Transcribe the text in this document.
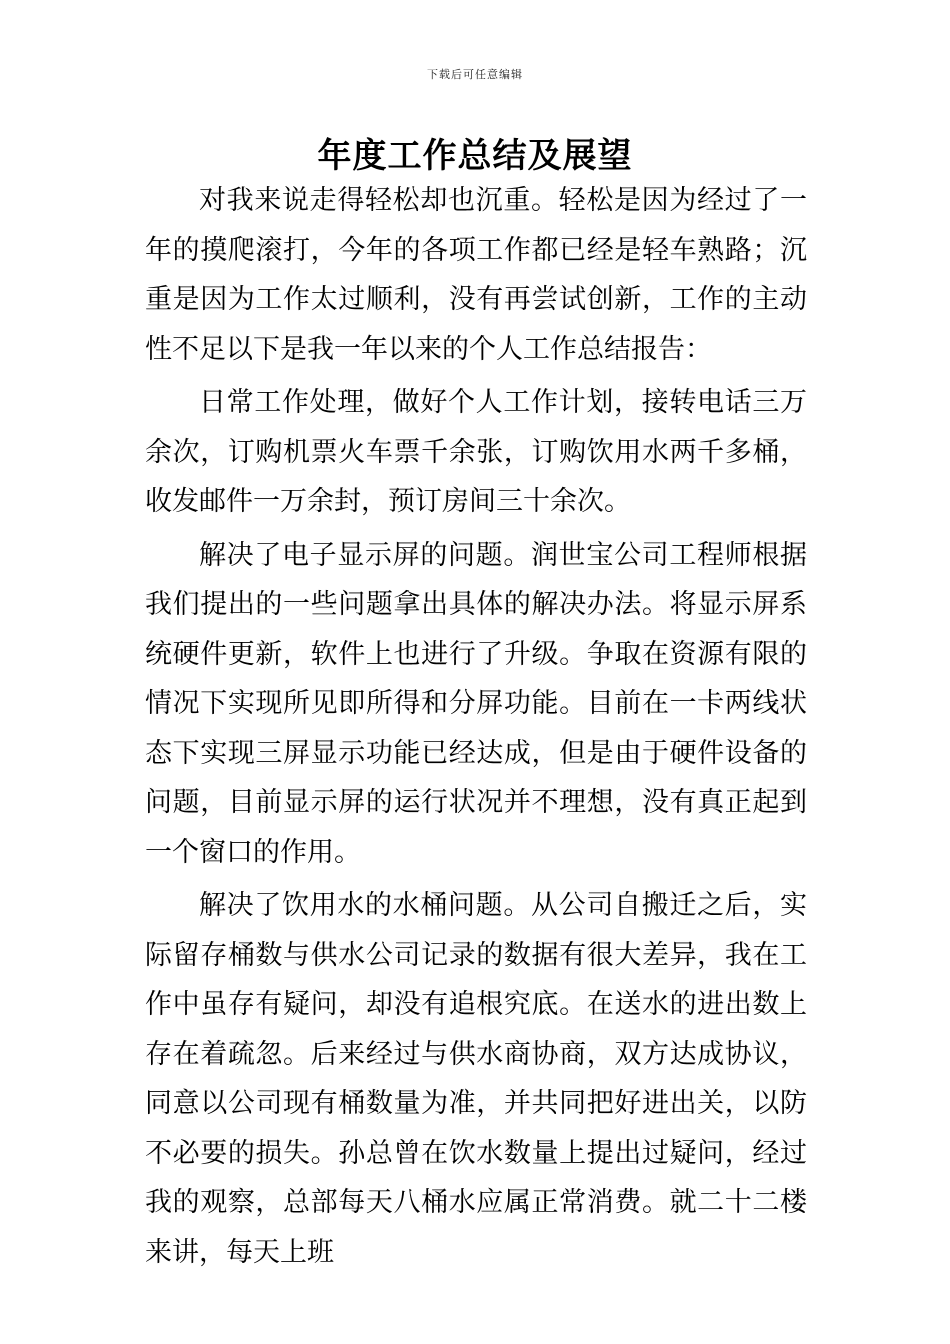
下载后可任意编辑
年度工作总结及展望

对我来说走得轻松却也沉重。轻松是因为经过了一年的摸爬滚打，今年的各项工作都已经是轻车熟路；沉重是因为工作太过顺利，没有再尝试创新，工作的主动性不足以下是我一年以来的个人工作总结报告：

日常工作处理，做好个人工作计划，接转电话三万余次，订购机票火车票千余张，订购饮用水两千多桶，收发邮件一万余封，预订房间三十余次。

解决了电子显示屏的问题。润世宝公司工程师根据我们提出的一些问题拿出具体的解决办法。将显示屏系统硬件更新，软件上也进行了升级。争取在资源有限的情况下实现所见即所得和分屏功能。目前在一卡两线状态下实现三屏显示功能已经达成，但是由于硬件设备的问题，目前显示屏的运行状况并不理想，没有真正起到一个窗口的作用。

解决了饮用水的水桶问题。从公司自搬迁之后，实际留存桶数与供水公司记录的数据有很大差异，我在工作中虽存有疑问，却没有追根究底。在送水的进出数上存在着疏忽。后来经过与供水商协商，双方达成协议，同意以公司现有桶数量为准，并共同把好进出关，以防不必要的损失。孙总曾在饮水数量上提出过疑问，经过我的观察，总部每天八桶水应属正常消费。就二十二楼来讲，每天上班
